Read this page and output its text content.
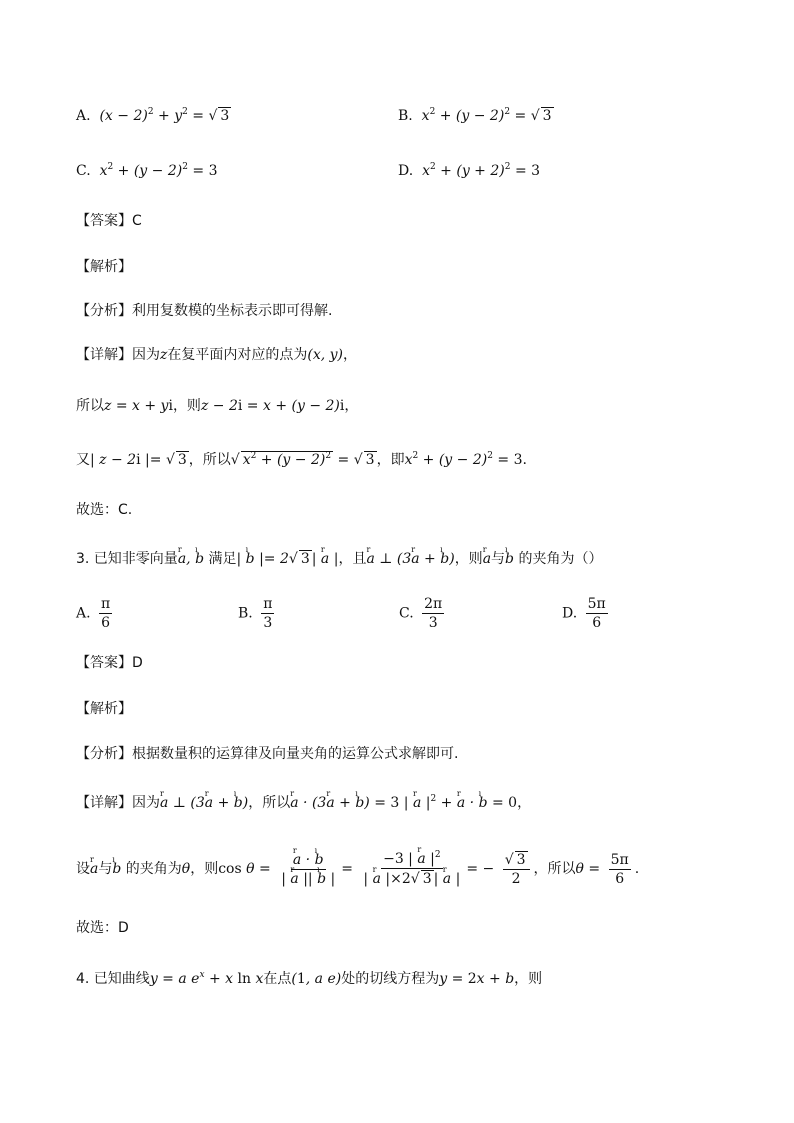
A. $(x - 2)^2 + y^2$ = √ 3	B. $x^2 + (y - 2)^2$ = √ 3
C. $x^2 + (y - 2)^2 = 3$	D. $x^2 + (y + 2)^2 = 3$
【答案】C
【解析】
【分析】利用复数模的坐标表示即可得解.
【详解】因为z在复平面内对应的点为(x, y)，
所以z = x + yi，则z − 2i = x + (y − 2)i，
又| z − 2i |= √ 3 ，所以√ $x^2 + (y - 2)^2$ = √ 3 ，即$x^2 + (y - 2)^2 = 3$.
故选：C.
3. 已知非零向量r a, ı b 满足| ı b |= 2√ 3 | r a |，且r a ⊥ (3r a + ı b)，则r a与ı b 的夹角为（）
A. $\frac{\pi}{6}$	B. $\frac{\pi}{3}$	C. $\frac{2\pi}{3}$	D. $\frac{5\pi}{6}$
【答案】D
【解析】
【分析】根据数量积的运算律及向量夹角的运算公式求解即可.
【详解】因为r a ⊥ (3r a + ı b)，所以r a · (3r a + ı b) = 3 | r a $|^2 + r$ a · ı b = 0，
设r a与ı b 的夹角为θ，则cos θ =
r $\frac{\text{a · ı b}}{\text{| r a || ı b |}} = \frac{-3 | r a |^2}{\text{| r a |×2√ 3 | r a |}}$ = − $\frac{√ 3}{2}$ ，所以$\theta = \frac{5\pi}{6}$ .
故选：D
4. 已知曲线y = a $e^x + x$ ln x在点(1, a e)处的切线方程为y = 2x + b，则
